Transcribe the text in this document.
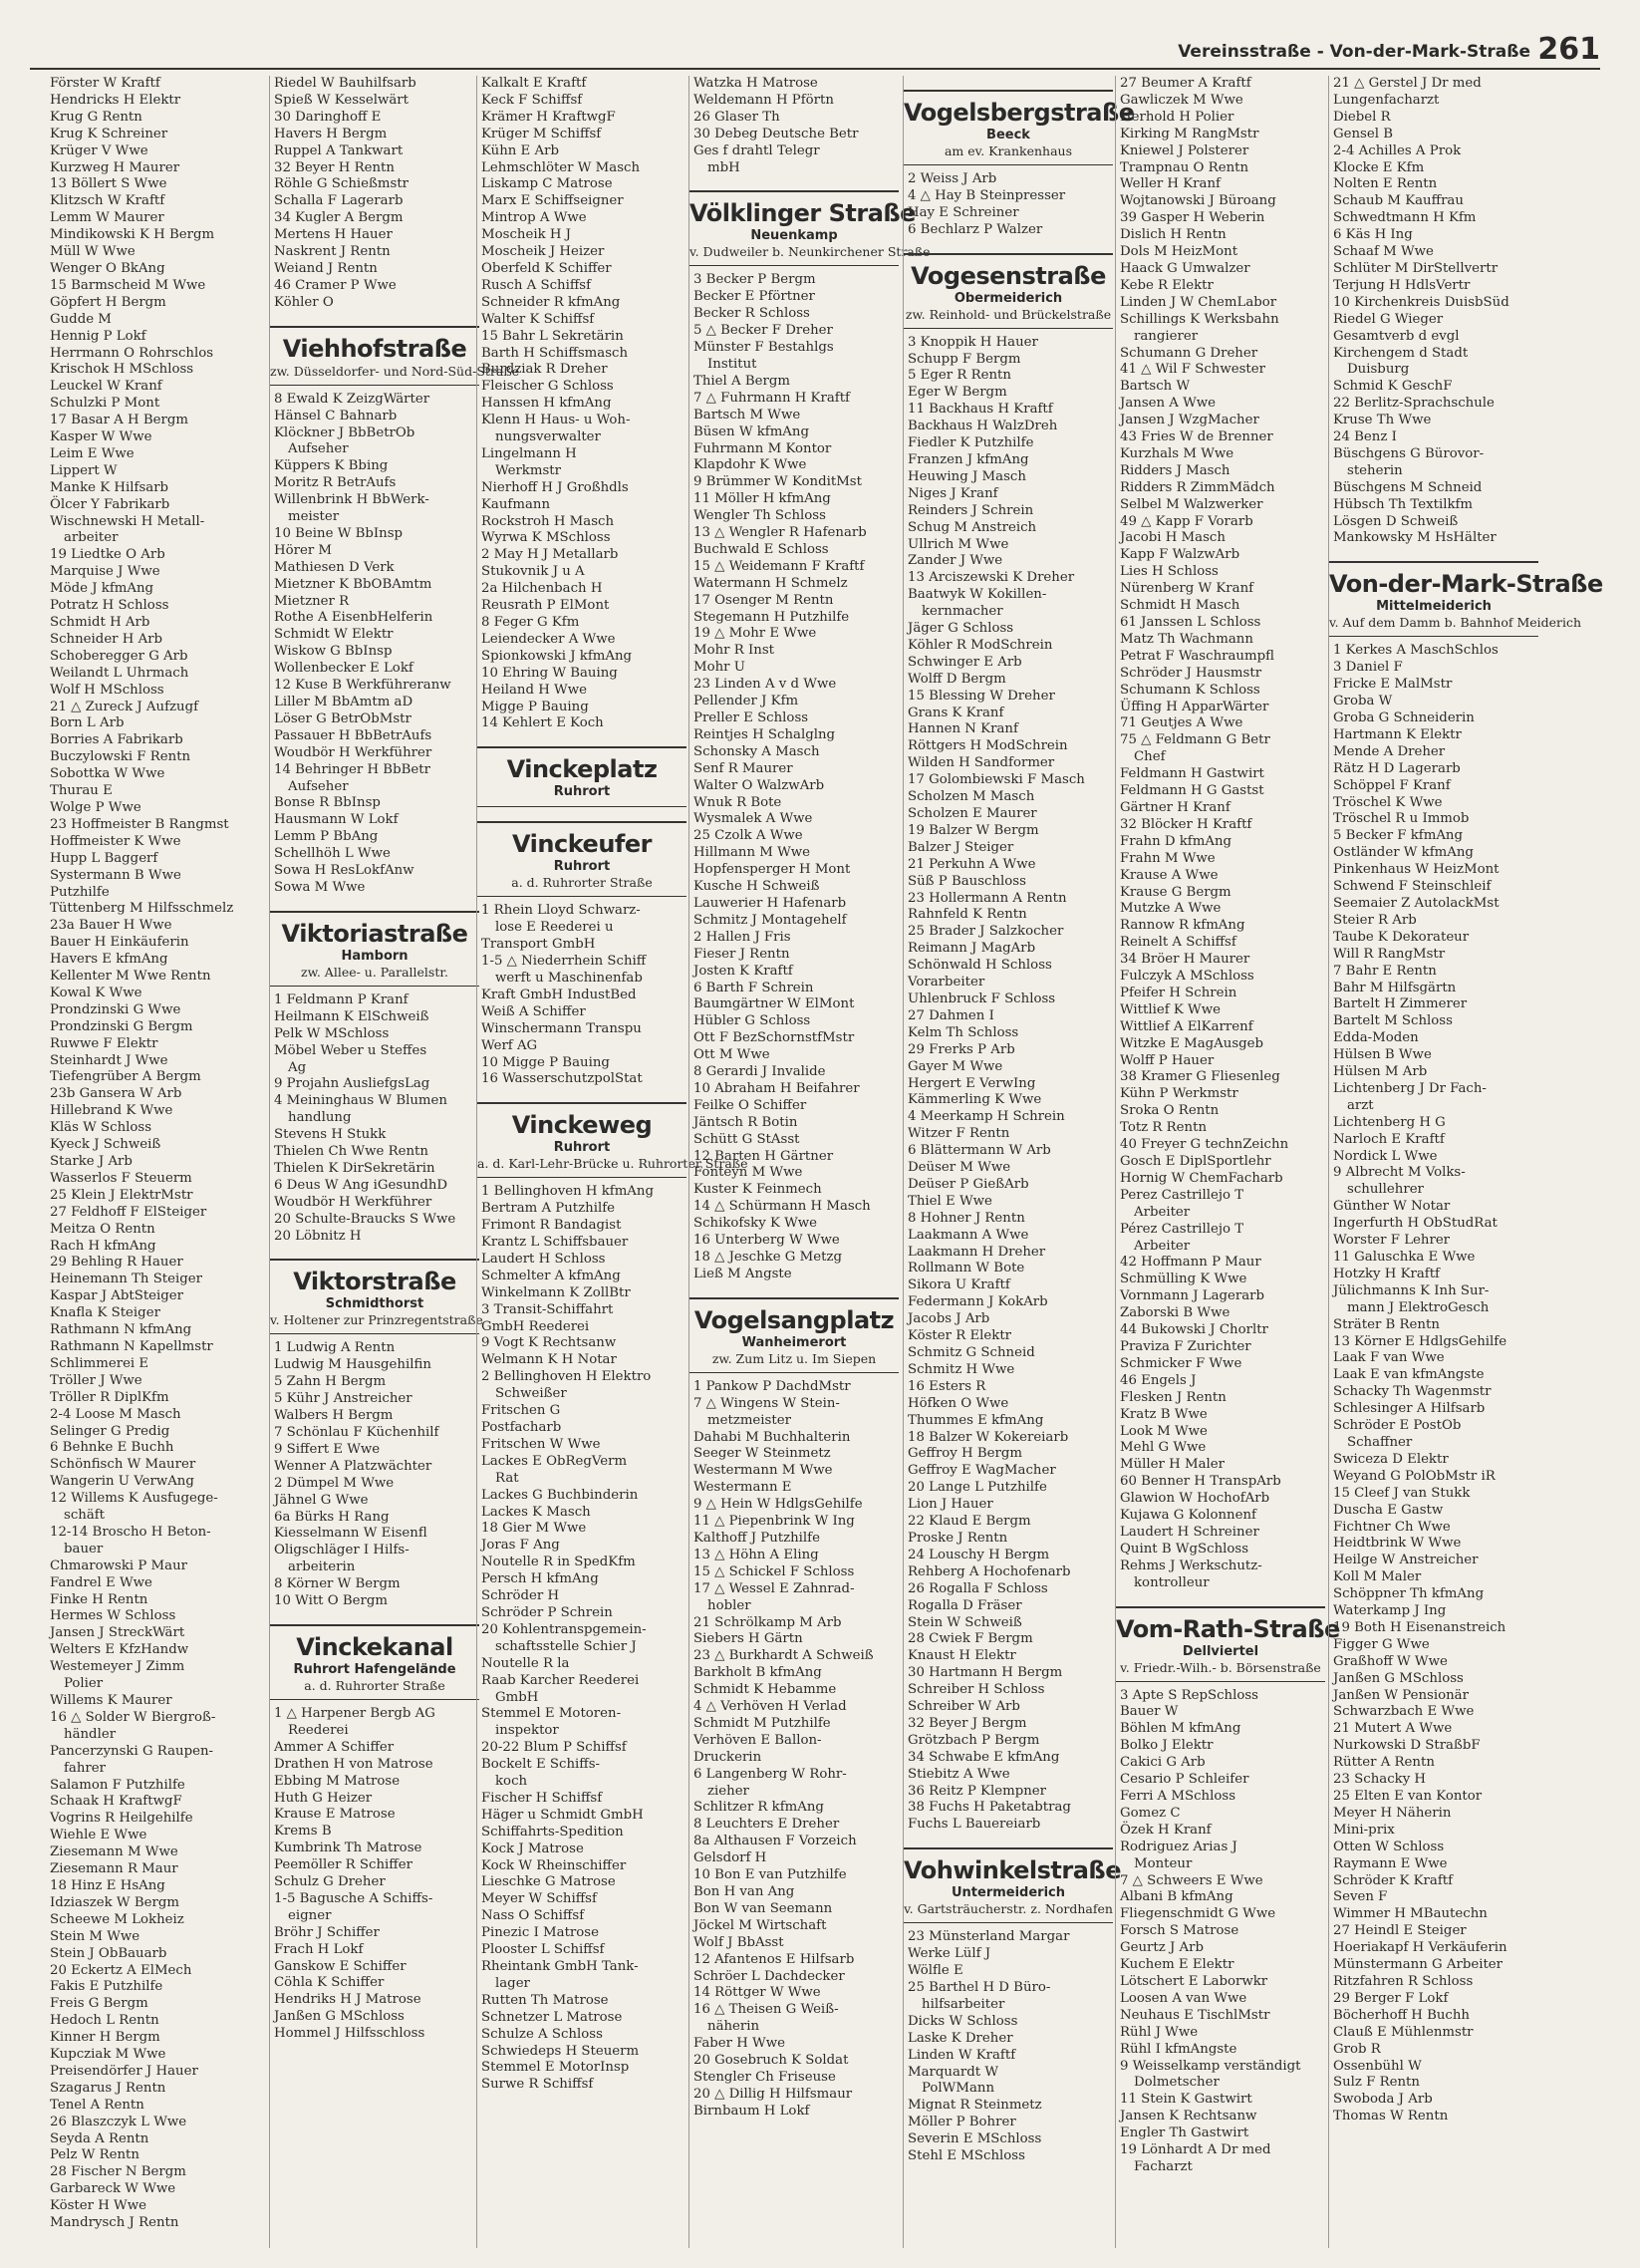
Vereinsstraße - Von-der-Mark-Straße 261
Förster W Kraftf
Hendricks H Elektr
Krug G Rentn
Krug K Schreiner
Krüger V Wwe
Kurzweg H Maurer
13 Böllert S Wwe
Klitzsch W Kraftf
Lemm W Maurer
Mindikowski K H Bergm
Müll W Wwe
Wenger O BkAng
15 Barmscheid M Wwe
Göpfert H Bergm
Gudde M
Hennig P Lokf
Herrmann O Rohrschlos
Krischok H MSchloss
Leuckel W Kranf
Schulzki P Mont
17 Basar A H Bergm
Kasper W Wwe
Leim E Wwe
Lippert W
Manke K Hilfsarb
Ölcer Y Fabrikarb
Wischnewski H Metall-
arbeiter
19 Liedtke O Arb
Marquise J Wwe
Möde J kfmAng
Potratz H Schloss
Schmidt H Arb
Schneider H Arb
Schoberegger G Arb
Weilandt L Uhrmach
Wolf H MSchloss
21 △ Zureck J Aufzugf
Born L Arb
Borries A Fabrikarb
Buczylowski F Rentn
Sobottka W Wwe
Thurau E
Wolge P Wwe
23 Hoffmeister B Rangmst
Hoffmeister K Wwe
Hupp L Baggerf
Systermann B Wwe
Putzhilfe
Tüttenberg M Hilfsschmelz
23a Bauer H Wwe
Bauer H Einkäuferin
Havers E kfmAng
Kellenter M Wwe Rentn
Kowal K Wwe
Prondzinski G Wwe
Prondzinski G Bergm
Ruwwe F Elektr
Steinhardt J Wwe
Tiefengrüber A Bergm
23b Gansera W Arb
Hillebrand K Wwe
Kläs W Schloss
Kyeck J Schweiß
Starke J Arb
Wasserlos F Steuerm
25 Klein J ElektrMstr
27 Feldhoff F ElSteiger
Meitza O Rentn
Rach H kfmAng
29 Behling R Hauer
Heinemann Th Steiger
Kaspar J AbtSteiger
Knafla K Steiger
Rathmann N kfmAng
Rathmann N Kapellmstr
Schlimmerei E
Tröller J Wwe
Tröller R DiplKfm
2-4 Loose M Masch
Selinger G Predig
6 Behnke E Buchh
Schönfisch W Maurer
Wangerin U VerwAng
12 Willems K Ausfugege-
schäft
12-14 Broscho H Beton-
bauer
Chmarowski P Maur
Fandrel E Wwe
Finke H Rentn
Hermes W Schloss
Jansen J StreckWärt
Welters E KfzHandw
Westemeyer J Zimm
Polier
Willems K Maurer
16 △ Solder W Biergroß-
händler
Pancerzynski G Raupen-
fahrer
Salamon F Putzhilfe
Schaak H KraftwgF
Vogrins R Heilgehilfe
Wiehle E Wwe
Ziesemann M Wwe
Ziesemann R Maur
18 Hinz E HsAng
Idziaszek W Bergm
Scheewe M Lokheiz
Stein M Wwe
Stein J ObBauarb
20 Eckertz A ElMech
Fakis E Putzhilfe
Freis G Bergm
Hedoch L Rentn
Kinner H Bergm
Kupcziak M Wwe
Preisendörfer J Hauer
Szagarus J Rentn
Tenel A Rentn
26 Blaszczyk L Wwe
Seyda A Rentn
Pelz W Rentn
28 Fischer N Bergm
Garbareck W Wwe
Köster H Wwe
Mandrysch J Rentn
Riedel W Bauhilfsarb
Spieß W Kesselwärt
30 Daringhoff E
Havers H Bergm
Ruppel A Tankwart
32 Beyer H Rentn
Röhle G Schießmstr
Schalla F Lagerarb
34 Kugler A Bergm
Mertens H Hauer
Naskrent J Rentn
Weiand J Rentn
46 Cramer P Wwe
Köhler O
Viehhofstraße
zw. Düsseldorfer- und Nord-Süd-Straße
8 Ewald K ZeizgWärter
Hänsel C Bahnarb
Klöckner J BbBetrOb
Aufseher
Küppers K Bbing
Moritz R BetrAufs
Willenbrink H BbWerk-
meister
10 Beine W BbInsp
Hörer M
Mathiesen D Verk
Mietzner K BbOBAmtm
Mietzner R
Rothe A EisenbHelferin
Schmidt W Elektr
Wiskow G BbInsp
Wollenbecker E Lokf
12 Kuse B Werkführeranw
Liller M BbAmtm aD
Löser G BetrObMstr
Passauer H BbBetrAufs
Woudbör H Werkführer
14 Behringer H BbBetr
Aufseher
Bonse R BbInsp
Hausmann W Lokf
Lemm P BbAng
Schellhöh L Wwe
Sowa H ResLokfAnw
Sowa M Wwe
Viktoriastraße
Hamborn
zw. Allee- u. Parallelstr.
1 Feldmann P Kranf
Heilmann K ElSchweiß
Pelk W MSchloss
Möbel Weber u Steffes
Ag
9 Projahn AusliefgsLag
4 Meininghaus W Blumen
handlung
Stevens H Stukk
Thielen Ch Wwe Rentn
Thielen K DirSekretärin
6 Deus W Ang iGesundhD
Woudbör H Werkführer
20 Schulte-Braucks S Wwe
20 Löbnitz H
Viktorstraße
Schmidthorst
v. Holtener zur Prinzregentstraße
1 Ludwig A Rentn
Ludwig M Hausgehilfin
5 Zahn H Bergm
5 Kühr J Anstreicher
Walbers H Bergm
7 Schönlau F Küchenhilf
9 Siffert E Wwe
Wenner A Platzwächter
2 Dümpel M Wwe
Jähnel G Wwe
6a Bürks H Rang
Kiesselmann W Eisenfl
Oligschläger I Hilfs-
arbeiterin
8 Körner W Bergm
10 Witt O Bergm
Vinckekanal
Ruhrort Hafengelände
a. d. Ruhrorter Straße
1 △ Harpener Bergb AG
Reederei
Ammer A Schiffer
Drathen H von Matrose
Ebbing M Matrose
Huth G Heizer
Krause E Matrose
Krems B
Kumbrink Th Matrose
Peemöller R Schiffer
Schulz G Dreher
1-5 Bagusche A Schiffs-
eigner
Bröhr J Schiffer
Frach H Lokf
Ganskow E Schiffer
Cöhla K Schiffer
Hendriks H J Matrose
Janßen G MSchloss
Hommel J Hilfsschloss
Kalkalt E Kraftf
Keck F Schiffsf
Krämer H KraftwgF
Krüger M Schiffsf
Kühn E Arb
Lehmschlöter W Masch
Liskamp C Matrose
Marx E Schiffseigner
Mintrop A Wwe
Moscheik H J
Moscheik J Heizer
Oberfeld K Schiffer
Rusch A Schiffsf
Schneider R kfmAng
Walter K Schiffsf
15 Bahr L Sekretärin
Barth H Schiffsmasch
Burdziak R Dreher
Fleischer G Schloss
Hanssen H kfmAng
Klenn H Haus- u Woh-
nungsverwalter
Lingelmann H
Werkmstr
Nierhoff H J Großhdls
Kaufmann
Rockstroh H Masch
Wyrwa K MSchloss
2 May H J Metallarb
Stukovnik J u A
2a Hilchenbach H
Reusrath P ElMont
8 Feger G Kfm
Leiendecker A Wwe
Spionkowski J kfmAng
10 Ehring W Bauing
Heiland H Wwe
Migge P Bauing
14 Kehlert E Koch
Vinckeplatz
Ruhrort
Vinckeufer
Ruhrort
a. d. Ruhrorter Straße
1 Rhein Lloyd Schwarz-
lose E Reederei u
Transport GmbH
1-5 △ Niederrhein Schiff
werft u Maschinenfab
Kraft GmbH IndustBed
Weiß A Schiffer
Winschermann Transpu
Werf AG
10 Migge P Bauing
16 WasserschutzpolStat
Vinckeweg
Ruhrort
a. d. Karl-Lehr-Brücke u. Ruhrorter Straße
1 Bellinghoven H kfmAng
Bertram A Putzhilfe
Frimont R Bandagist
Krantz L Schiffsbauer
Laudert H Schloss
Schmelter A kfmAng
Winkelmann K ZollBtr
3 Transit-Schiffahrt
GmbH Reederei
9 Vogt K Rechtsanw
Welmann K H Notar
2 Bellinghoven H Elektro
Schweißer
Fritschen G
Postfacharb
Fritschen W Wwe
Lackes E ObRegVerm
Rat
Lackes G Buchbinderin
Lackes K Masch
18 Gier M Wwe
Joras F Ang
Noutelle R in SpedKfm
Persch H kfmAng
Schröder H
Schröder P Schrein
20 Kohlentranspgemein-
schaftsstelle Schier J
Noutelle R la
Raab Karcher Reederei
GmbH
Stemmel E Motoren-
inspektor
20-22 Blum P Schiffsf
Bockelt E Schiffs-
koch
Fischer H Schiffsf
Häger u Schmidt GmbH
Schiffahrts-Spedition
Kock J Matrose
Kock W Rheinschiffer
Lieschke G Matrose
Meyer W Schiffsf
Nass O Schiffsf
Pinezic I Matrose
Plooster L Schiffsf
Rheintank GmbH Tank-
lager
Rutten Th Matrose
Schnetzer L Matrose
Schulze A Schloss
Schwiedeps H Steuerm
Stemmel E MotorInsp
Surwe R Schiffsf
Watzka H Matrose
Weldemann H Pförtn
26 Glaser Th
30 Debeg Deutsche Betr
Ges f drahtl Telegr
mbH
Völklinger Straße
Neuenkamp
v. Dudweiler b. Neunkirchener Straße
3 Becker P Bergm
Becker E Pförtner
Becker R Schloss
5 △ Becker F Dreher
Münster F Bestahlgs
Institut
Thiel A Bergm
7 △ Fuhrmann H Kraftf
Bartsch M Wwe
Büsen W kfmAng
Fuhrmann M Kontor
Klapdohr K Wwe
9 Brümmer W KonditMst
11 Möller H kfmAng
Wengler Th Schloss
13 △ Wengler R Hafenarb
Buchwald E Schloss
15 △ Weidemann F Kraftf
Watermann H Schmelz
17 Osenger M Rentn
Stegemann H Putzhilfe
19 △ Mohr E Wwe
Mohr R Inst
Mohr U
23 Linden A v d Wwe
Pellender J Kfm
Preller E Schloss
Reintjes H Schalglng
Schonsky A Masch
Senf R Maurer
Walter O WalzwArb
Wnuk R Bote
Wysmalek A Wwe
25 Czolk A Wwe
Hillmann M Wwe
Hopfensperger H Mont
Kusche H Schweiß
Lauwerier H Hafenarb
Schmitz J Montagehelf
2 Hallen J Fris
Fieser J Rentn
Josten K Kraftf
6 Barth F Schrein
Baumgärtner W ElMont
Hübler G Schloss
Ott F BezSchornstfMstr
Ott M Wwe
8 Gerardi J Invalide
10 Abraham H Beifahrer
Feilke O Schiffer
Jäntsch R Botin
Schütt G StAsst
12 Barten H Gärtner
Fonteyn M Wwe
Kuster K Feinmech
14 △ Schürmann H Masch
Schikofsky K Wwe
16 Unterberg W Wwe
18 △ Jeschke G Metzg
Ließ M Angste
Vogelsangplatz
Wanheimerort
zw. Zum Litz u. Im Siepen
1 Pankow P DachdMstr
7 △ Wingens W Stein-
metzmeister
Dahabi M Buchhalterin
Seeger W Steinmetz
Westermann M Wwe
Westermann E
9 △ Hein W HdlgsGehilfe
11 △ Piepenbrink W Ing
Kalthoff J Putzhilfe
13 △ Höhn A Eling
15 △ Schickel F Schloss
17 △ Wessel E Zahnrad-
hobler
21 Schrölkamp M Arb
Siebers H Gärtn
23 △ Burkhardt A Schweiß
Barkholt B kfmAng
Schmidt K Hebamme
4 △ Verhöven H Verlad
Schmidt M Putzhilfe
Verhöven E Ballon-
Druckerin
6 Langenberg W Rohr-
zieher
Schlitzer R kfmAng
8 Leuchters E Dreher
8a Althausen F Vorzeich
Gelsdorf H
10 Bon E van Putzhilfe
Bon H van Ang
Bon W van Seemann
Jöckel M Wirtschaft
Wolf J BbAsst
12 Afantenos E Hilfsarb
Schröer L Dachdecker
14 Röttger W Wwe
16 △ Theisen G Weiß-
näherin
Faber H Wwe
20 Gosebruch K Soldat
Stengler Ch Friseuse
20 △ Dillig H Hilfsmaur
Birnbaum H Lokf
Vogelsbergstraße
Beeck
am ev. Krankenhaus
2 Weiss J Arb
4 △ Hay B Steinpresser
Hay E Schreiner
6 Bechlarz P Walzer
Vogesenstraße
Obermeiderich
zw. Reinhold- und Brückelstraße
3 Knoppik H Hauer
Schupp F Bergm
5 Eger R Rentn
Eger W Bergm
11 Backhaus H Kraftf
Backhaus H WalzDreh
Fiedler K Putzhilfe
Franzen J kfmAng
Heuwing J Masch
Niges J Kranf
Reinders J Schrein
Schug M Anstreich
Ullrich M Wwe
Zander J Wwe
13 Arciszewski K Dreher
Baatwyk W Kokillen-
kernmacher
Jäger G Schloss
Köhler R ModSchrein
Schwinger E Arb
Wolff D Bergm
15 Blessing W Dreher
Grans K Kranf
Hannen N Kranf
Röttgers H ModSchrein
Wilden H Sandformer
17 Golombiewski F Masch
Scholzen M Masch
Scholzen E Maurer
19 Balzer W Bergm
Balzer J Steiger
21 Perkuhn A Wwe
Süß P Bauschloss
23 Hollermann A Rentn
Rahnfeld K Rentn
25 Brader J Salzkocher
Reimann J MagArb
Schönwald H Schloss
Vorarbeiter
Uhlenbruck F Schloss
27 Dahmen I
Kelm Th Schloss
29 Frerks P Arb
Gayer M Wwe
Hergert E VerwIng
Kämmerling K Wwe
4 Meerkamp H Schrein
Witzer F Rentn
6 Blättermann W Arb
Deüser M Wwe
Deüser P GießArb
Thiel E Wwe
8 Hohner J Rentn
Laakmann A Wwe
Laakmann H Dreher
Rollmann W Bote
Sikora U Kraftf
Federmann J KokArb
Jacobs J Arb
Köster R Elektr
Schmitz G Schneid
Schmitz H Wwe
16 Esters R
Höfken O Wwe
Thummes E kfmAng
18 Balzer W Kokereiarb
Geffroy H Bergm
Geffroy E WagMacher
20 Lange L Putzhilfe
Lion J Hauer
22 Klaud E Bergm
Proske J Rentn
24 Louschy H Bergm
Rehberg A Hochofenarb
26 Rogalla F Schloss
Rogalla D Fräser
Stein W Schweiß
28 Cwiek F Bergm
Knaust H Elektr
30 Hartmann H Bergm
Schreiber H Schloss
Schreiber W Arb
32 Beyer J Bergm
Grötzbach P Bergm
34 Schwabe E kfmAng
Stiebitz A Wwe
36 Reitz P Klempner
38 Fuchs H Paketabtrag
Fuchs L Bauereiarb
Vohwinkelstraße
Untermeiderich
v. Gartsträucherstr. z. Nordhafen
23 Münsterland Margar
Werke Lülf J
Wölfle E
25 Barthel H D Büro-
hilfsarbeiter
Dicks W Schloss
Laske K Dreher
Linden W Kraftf
Marquardt W
PolWMann
Mignat R Steinmetz
Möller P Bohrer
Severin E MSchloss
Stehl E MSchloss
27 Beumer A Kraftf
Gawliczek M Wwe
Herhold H Polier
Kirking M RangMstr
Kniewel J Polsterer
Trampnau O Rentn
Weller H Kranf
Wojtanowski J Büroang
39 Gasper H Weberin
Dislich H Rentn
Dols M HeizMont
Haack G Umwalzer
Kebe R Elektr
Linden J W ChemLabor
Schillings K Werksbahn
rangierer
Schumann G Dreher
41 △ Wil F Schwester
Bartsch W
Jansen A Wwe
Jansen J WzgMacher
43 Fries W de Brenner
Kurzhals M Wwe
Ridders J Masch
Ridders R ZimmMädch
Selbel M Walzwerker
49 △ Kapp F Vorarb
Jacobi H Masch
Kapp F WalzwArb
Lies H Schloss
Nürenberg W Kranf
Schmidt H Masch
61 Janssen L Schloss
Matz Th Wachmann
Petrat F Waschraumpfl
Schröder J Hausmstr
Schumann K Schloss
Üffing H ApparWärter
71 Geutjes A Wwe
75 △ Feldmann G Betr
Chef
Feldmann H Gastwirt
Feldmann H G Gastst
Gärtner H Kranf
32 Blöcker H Kraftf
Frahn D kfmAng
Frahn M Wwe
Krause A Wwe
Krause G Bergm
Mutzke A Wwe
Rannow R kfmAng
Reinelt A Schiffsf
34 Bröer H Maurer
Fulczyk A MSchloss
Pfeifer H Schrein
Wittlief K Wwe
Wittlief A ElKarrenf
Witzke E MagAusgeb
Wolff P Hauer
38 Kramer G Fliesenleg
Kühn P Werkmstr
Sroka O Rentn
Totz R Rentn
40 Freyer G technZeichn
Gosch E DiplSportlehr
Hornig W ChemFacharb
Perez Castrillejo T
Arbeiter
Pérez Castrillejo T
Arbeiter
42 Hoffmann P Maur
Schmülling K Wwe
Vornmann J Lagerarb
Zaborski B Wwe
44 Bukowski J Chorltr
Praviza F Zurichter
Schmicker F Wwe
46 Engels J
Flesken J Rentn
Kratz B Wwe
Look M Wwe
Mehl G Wwe
Müller H Maler
60 Benner H TranspArb
Glawion W HochofArb
Kujawa G Kolonnenf
Laudert H Schreiner
Quint B WgSchloss
Rehms J Werkschutz-
kontrolleur
Vom-Rath-Straße
Dellviertel
v. Friedr.-Wilh.- b. Börsenstraße
3 Apte S RepSchloss
Bauer W
Böhlen M kfmAng
Bolko J Elektr
Cakici G Arb
Cesario P Schleifer
Ferri A MSchloss
Gomez C
Özek H Kranf
Rodriguez Arias J
Monteur
7 △ Schweers E Wwe
Albani B kfmAng
Fliegenschmidt G Wwe
Forsch S Matrose
Geurtz J Arb
Kuchem E Elektr
Lötschert E Laborwkr
Loosen A van Wwe
Neuhaus E TischlMstr
Rühl J Wwe
Rühl I kfmAngste
9 Weisselkamp verständigt
Dolmetscher
11 Stein K Gastwirt
Jansen K Rechtsanw
Engler Th Gastwirt
19 Lönhardt A Dr med
Facharzt
21 △ Gerstel J Dr med
Lungenfacharzt
Diebel R
Gensel B
2-4 Achilles A Prok
Klocke E Kfm
Nolten E Rentn
Schaub M Kauffrau
Schwedtmann H Kfm
6 Käs H Ing
Schaaf M Wwe
Schlüter M DirStellvertr
Terjung H HdlsVertr
10 Kirchenkreis DuisbSüd
Riedel G Wieger
Gesamtverb d evgl
Kirchengem d Stadt
Duisburg
Schmid K GeschF
22 Berlitz-Sprachschule
Kruse Th Wwe
24 Benz I
Büschgens G Bürovor-
steherin
Büschgens M Schneid
Hübsch Th Textilkfm
Lösgen D Schweiß
Mankowsky M HsHälter
Von-der-Mark-Straße
Mittelmeiderich
v. Auf dem Damm b. Bahnhof Meiderich
1 Kerkes A MaschSchlos
3 Daniel F
Fricke E MalMstr
Groba W
Groba G Schneiderin
Hartmann K Elektr
Mende A Dreher
Rätz H D Lagerarb
Schöppel F Kranf
Tröschel K Wwe
Tröschel R u Immob
5 Becker F kfmAng
Ostländer W kfmAng
Pinkenhaus W HeizMont
Schwend F Steinschleif
Seemaier Z AutolackMst
Steier R Arb
Taube K Dekorateur
Will R RangMstr
7 Bahr E Rentn
Bahr M Hilfsgärtn
Bartelt H Zimmerer
Bartelt M Schloss
Edda-Moden
Hülsen B Wwe
Hülsen M Arb
Lichtenberg J Dr Fach-
arzt
Lichtenberg H G
Narloch E Kraftf
Nordick L Wwe
9 Albrecht M Volks-
schullehrer
Günther W Notar
Ingerfurth H ObStudRat
Worster F Lehrer
11 Galuschka E Wwe
Hotzky H Kraftf
Jülichmanns K Inh Sur-
mann J ElektroGesch
Sträter B Rentn
13 Körner E HdlgsGehilfe
Laak F van Wwe
Laak E van kfmAngste
Schacky Th Wagenmstr
Schlesinger A Hilfsarb
Schröder E PostOb
Schaffner
Swiceza D Elektr
Weyand G PolObMstr iR
15 Cleef J van Stukk
Duscha E Gastw
Fichtner Ch Wwe
Heidtbrink W Wwe
Heilge W Anstreicher
Koll M Maler
Schöppner Th kfmAng
Waterkamp J Ing
19 Both H Eisenanstreich
Figger G Wwe
Graßhoff W Wwe
Janßen G MSchloss
Janßen W Pensionär
Schwarzbach E Wwe
21 Mutert A Wwe
Nurkowski D StraßbF
Rütter A Rentn
23 Schacky H
25 Elten E van Kontor
Meyer H Näherin
Mini-prix
Otten W Schloss
Raymann E Wwe
Schröder K Kraftf
Seven F
Wimmer H MBautechn
27 Heindl E Steiger
Hoeriakapf H Verkäuferin
Münstermann G Arbeiter
Ritzfahren R Schloss
29 Berger F Lokf
Böcherhoff H Buchh
Clauß E Mühlenmstr
Grob R
Ossenbühl W
Sulz F Rentn
Swoboda J Arb
Thomas W Rentn
